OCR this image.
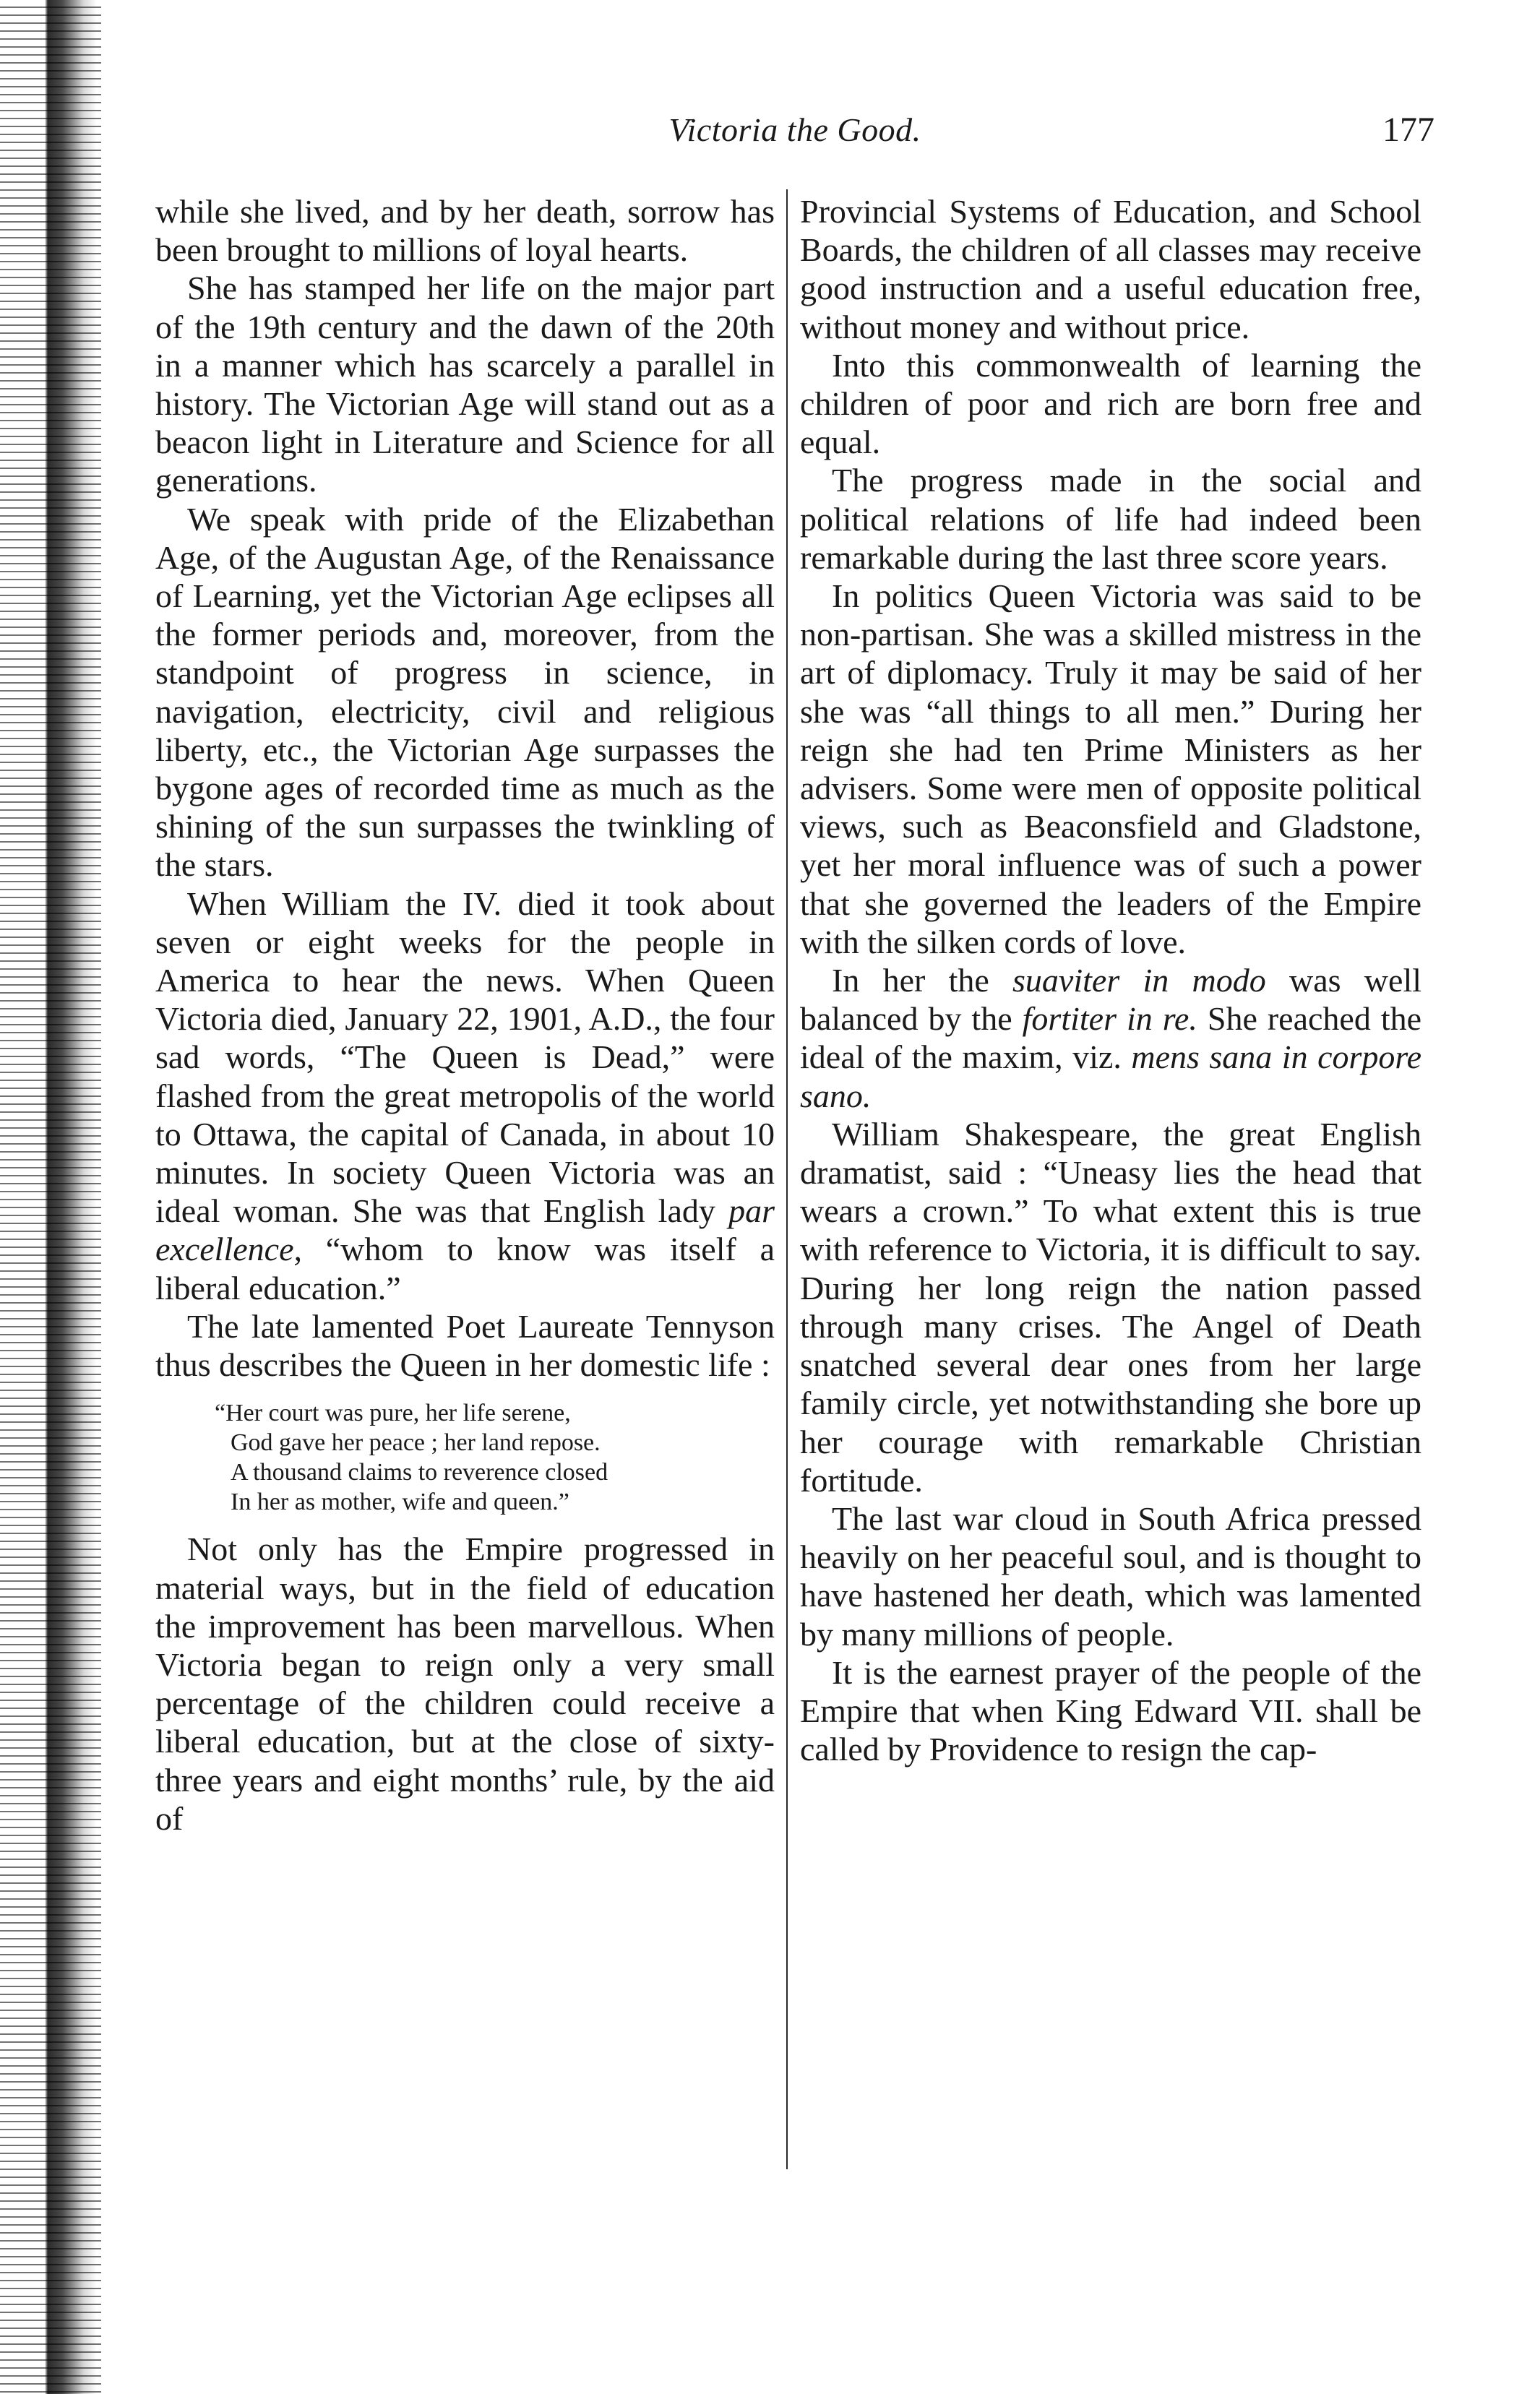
Victoria the Good.	177

while she lived, and by her death, sorrow has been brought to millions of loyal hearts.

She has stamped her life on the major part of the 19th century and the dawn of the 20th in a manner which has scarcely a parallel in history. The Victorian Age will stand out as a beacon light in Literature and Science for all generations.

We speak with pride of the Elizabethan Age, of the Augustan Age, of the Renaissance of Learning, yet the Victorian Age eclipses all the former periods and, moreover, from the standpoint of progress in science, in navigation, electricity, civil and religious liberty, etc., the Victorian Age surpasses the bygone ages of recorded time as much as the shining of the sun surpasses the twinkling of the stars.

When William the IV. died it took about seven or eight weeks for the people in America to hear the news. When Queen Victoria died, January 22, 1901, A.D., the four sad words, “The Queen is Dead,” were flashed from the great metropolis of the world to Ottawa, the capital of Canada, in about 10 minutes. In society Queen Victoria was an ideal woman. She was that English lady par excellence, “whom to know was itself a liberal education.”

The late lamented Poet Laureate Tennyson thus describes the Queen in her domestic life :

“Her court was pure, her life serene,
God gave her peace ; her land repose.
A thousand claims to reverence closed
In her as mother, wife and queen.”

Not only has the Empire progressed in material ways, but in the field of education the improvement has been marvellous. When Victoria began to reign only a very small percentage of the children could receive a liberal education, but at the close of sixty-three years and eight months’ rule, by the aid of

Provincial Systems of Education, and School Boards, the children of all classes may receive good instruction and a useful education free, without money and without price.

Into this commonwealth of learning the children of poor and rich are born free and equal.

The progress made in the social and political relations of life had indeed been remarkable during the last three score years.

In politics Queen Victoria was said to be non-partisan. She was a skilled mistress in the art of diplomacy. Truly it may be said of her she was “all things to all men.” During her reign she had ten Prime Ministers as her advisers. Some were men of opposite political views, such as Beaconsfield and Gladstone, yet her moral influence was of such a power that she governed the leaders of the Empire with the silken cords of love.

In her the suaviter in modo was well balanced by the fortiter in re. She reached the ideal of the maxim, viz. mens sana in corpore sano.

William Shakespeare, the great English dramatist, said : “Uneasy lies the head that wears a crown.” To what extent this is true with reference to Victoria, it is difficult to say. During her long reign the nation passed through many crises. The Angel of Death snatched several dear ones from her large family circle, yet notwithstanding she bore up her courage with remarkable Christian fortitude.

The last war cloud in South Africa pressed heavily on her peaceful soul, and is thought to have hastened her death, which was lamented by many millions of people.

It is the earnest prayer of the people of the Empire that when King Edward VII. shall be called by Providence to resign the cap-
